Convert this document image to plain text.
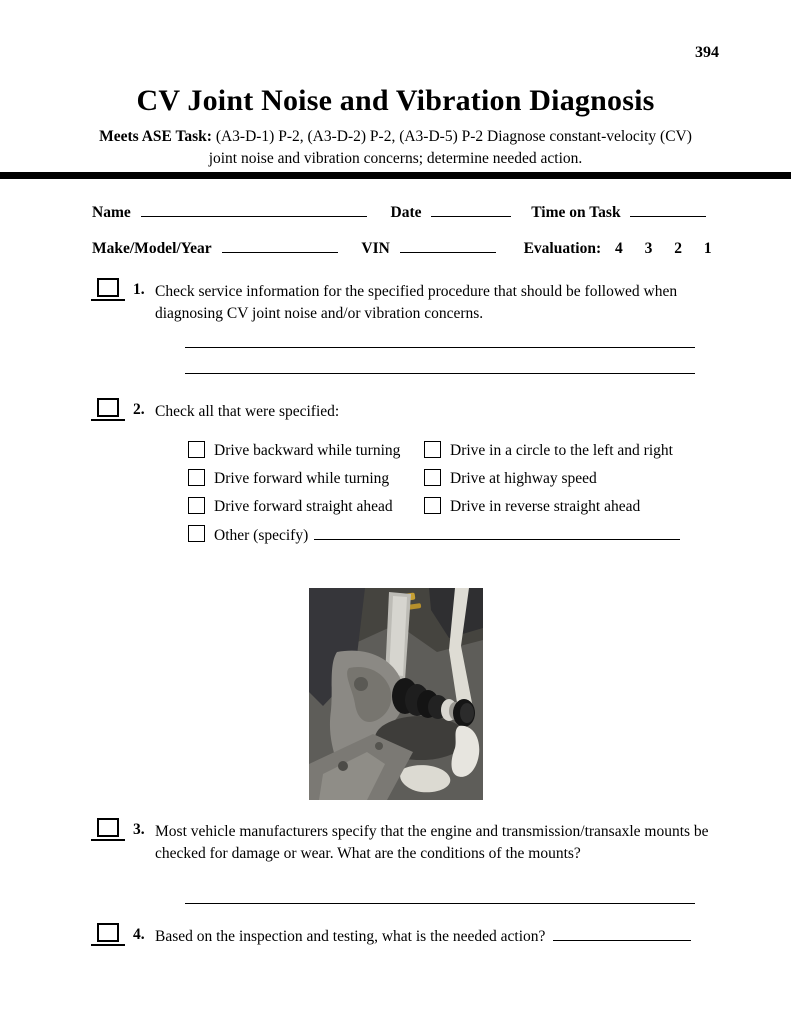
394
CV Joint Noise and Vibration Diagnosis
Meets ASE Task: (A3-D-1) P-2, (A3-D-2) P-2, (A3-D-5) P-2 Diagnose constant-velocity (CV)
joint noise and vibration concerns; determine needed action.
Name	Date	Time on Task
Make/Model/Year	VIN	Evaluation: 4 3 2 1
1. Check service information for the specified procedure that should be followed when diagnosing CV joint noise and/or vibration concerns.
2. Check all that were specified:
Drive backward while turning
Drive forward while turning
Drive forward straight ahead
Drive in a circle to the left and right
Drive at highway speed
Drive in reverse straight ahead
Other (specify)
3. Most vehicle manufacturers specify that the engine and transmission/transaxle mounts be checked for damage or wear. What are the conditions of the mounts?
4. Based on the inspection and testing, what is the needed action?
